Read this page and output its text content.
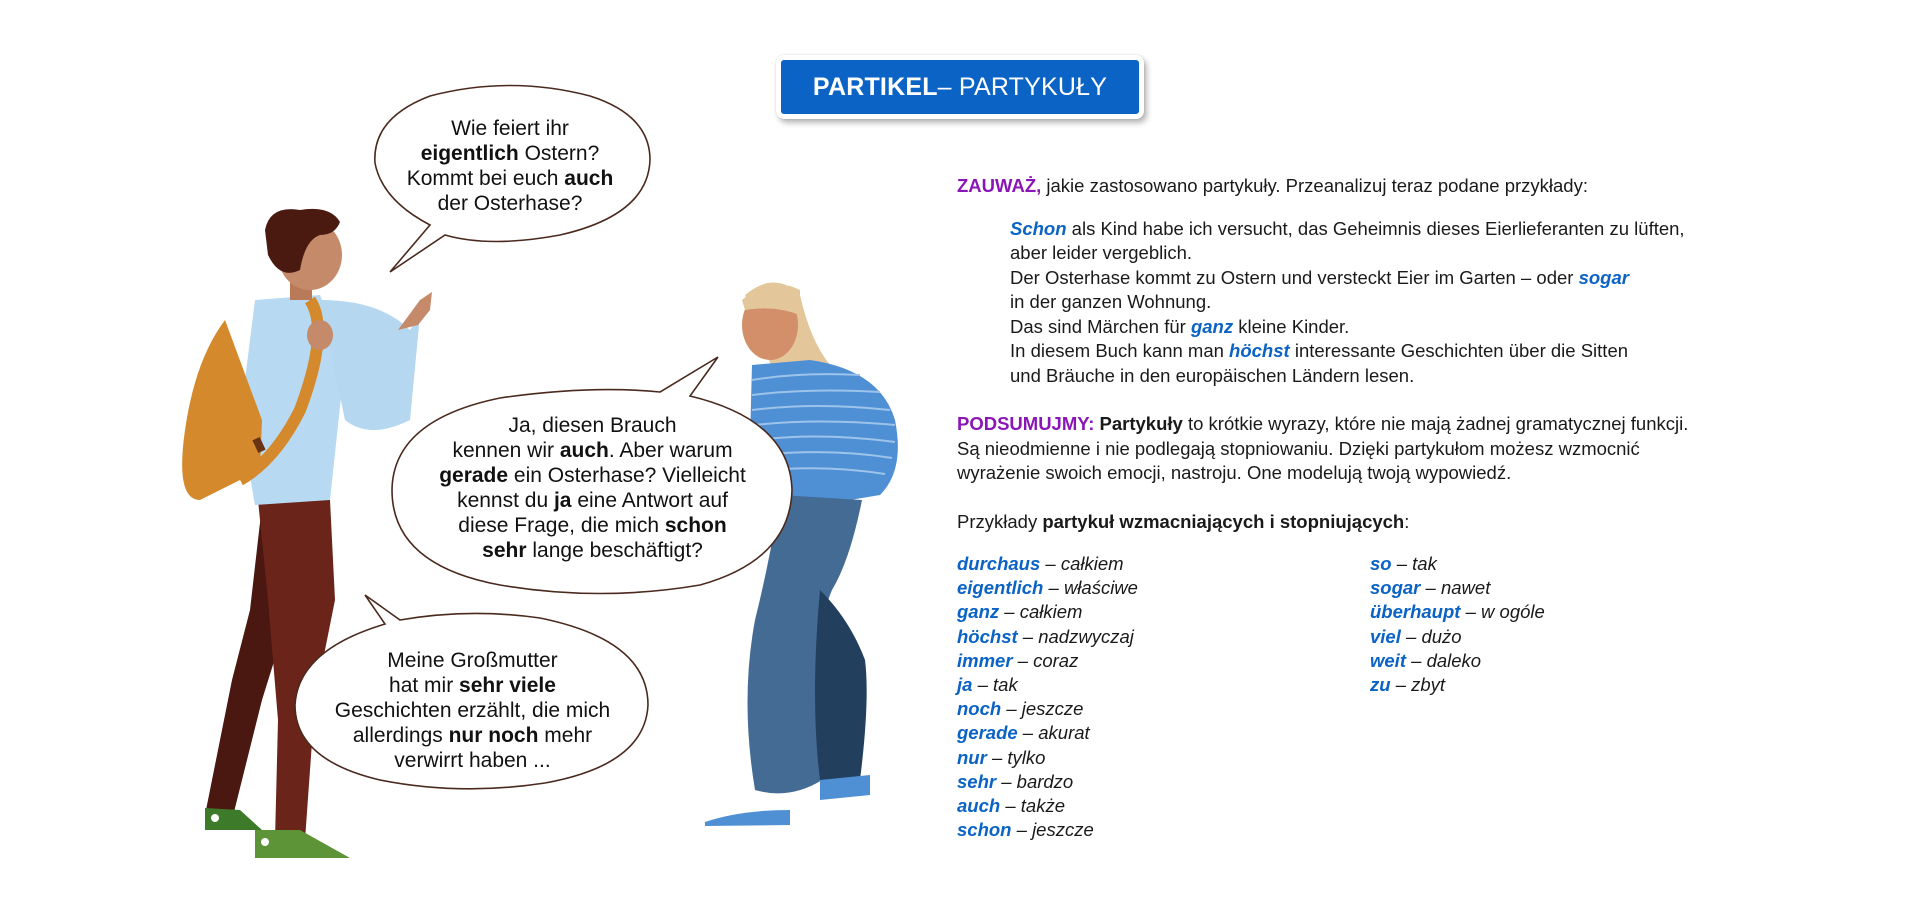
PARTIKEL – PARTYKUŁY
Wie feiert ihr
eigentlich Ostern?
Kommt bei euch auch
der Osterhase?
Ja, diesen Brauch
kennen wir auch. Aber warum
gerade ein Osterhase? Vielleicht
kennst du ja eine Antwort auf
diese Frage, die mich schon
sehr lange beschäftigt?
Meine Großmutter
hat mir sehr viele
Geschichten erzählt, die mich
allerdings nur noch mehr
verwirrt haben ...

ZAUWAŻ, jakie zastosowano partykuły. Przeanalizuj teraz podane przykłady:

Schon als Kind habe ich versucht, das Geheimnis dieses Eierlieferanten zu lüften,
aber leider vergeblich.
Der Osterhase kommt zu Ostern und versteckt Eier im Garten – oder sogar
in der ganzen Wohnung.
Das sind Märchen für ganz kleine Kinder.
In diesem Buch kann man höchst interessante Geschichten über die Sitten
und Bräuche in den europäischen Ländern lesen.
PODSUMUJMY: Partykuły to krótkie wyrazy, które nie mają żadnej gramatycznej funkcji.
Są nieodmienne i nie podlegają stopniowaniu. Dzięki partykułom możesz wzmocnić
wyrażenie swoich emocji, nastroju. One modelują twoją wypowiedź.
Przykłady partykuł wzmacniających i stopniujących:
durchaus – całkiem
eigentlich – właściwe
ganz – całkiem
höchst – nadzwyczaj
immer – coraz
ja – tak
noch – jeszcze
gerade – akurat
nur – tylko
sehr – bardzo
auch – także
schon – jeszcze
so – tak
sogar – nawet
überhaupt – w ogóle
viel – dużo
weit – daleko
zu – zbyt
